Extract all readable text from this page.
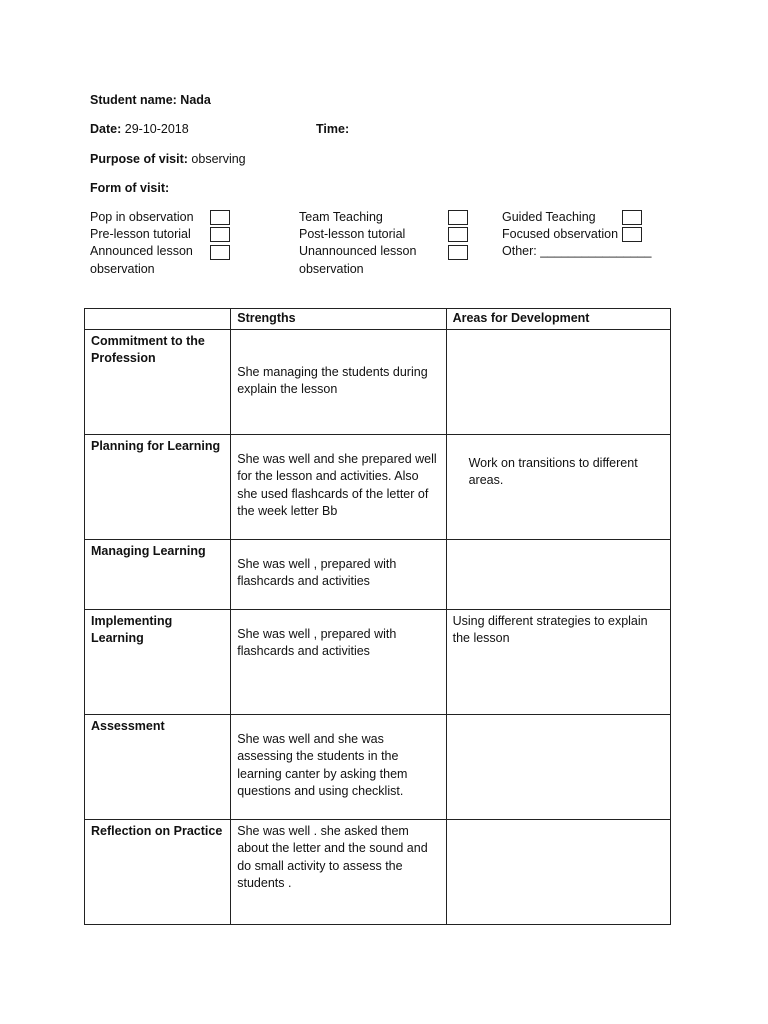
Student name: Nada
Date: 29-10-2018	Time:
Purpose of visit: observing
Form of visit:
Pop in observation
Pre-lesson tutorial
Announced lesson
observation
Team Teaching
Post-lesson tutorial
Unannounced lesson
observation
Guided Teaching
Focused observation
Other: ________________
	Strengths	Areas for Development
Commitment to the Profession	She managing the students during explain the lesson	
Planning for Learning	She was well and she prepared well for the lesson and activities. Also she used flashcards of the letter of the week letter Bb	Work on transitions to different areas.
Managing Learning	She was well , prepared with flashcards and activities	
Implementing Learning	She was well , prepared with flashcards and activities	Using different strategies to explain the lesson
Assessment	She was well and she was assessing the students in the learning canter by asking them questions and using checklist.	
Reflection on Practice	She was well . she asked them about the letter and the sound and do small activity to assess the students .	
